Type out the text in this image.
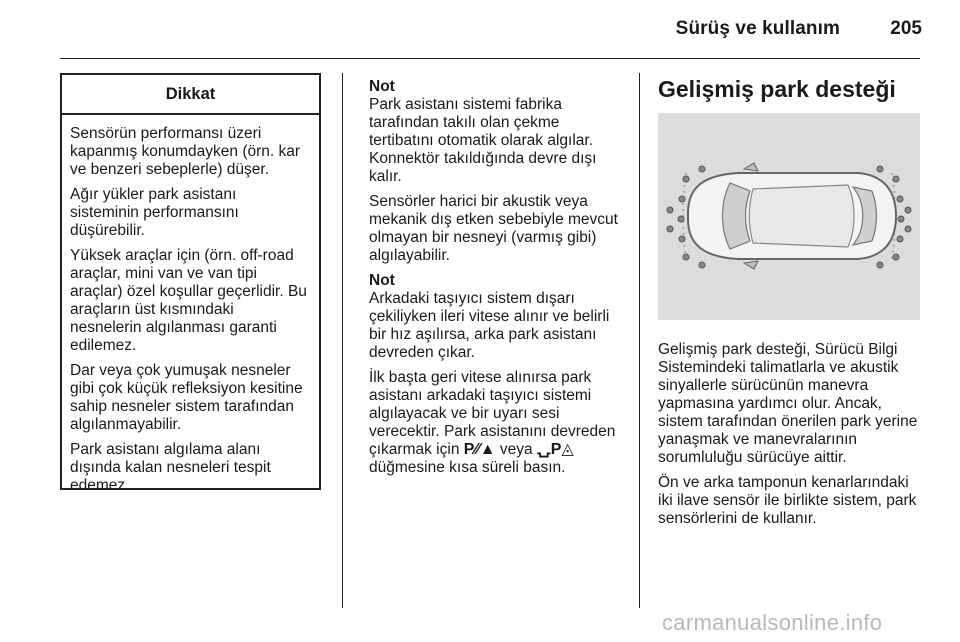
Sürüş ve kullanım	205
Dikkat

Sensörün performansı üzeri
kapanmış konumdayken (örn. kar
ve benzeri sebeplerle) düşer.

Ağır yükler park asistanı
sisteminin performansını
düşürebilir.

Yüksek araçlar için (örn. off-road
araçlar, mini van ve van tipi
araçlar) özel koşullar geçerlidir. Bu
araçların üst kısmındaki
nesnelerin algılanması garanti
edilemez.

Dar veya çok yumuşak nesneler
gibi çok küçük refleksiyon kesitine
sahip nesneler sistem tarafından
algılanmayabilir.

Park asistanı algılama alanı
dışında kalan nesneleri tespit
edemez.

Not
Park asistanı sistemi fabrika
tarafından takılı olan çekme
tertibatını otomatik olarak algılar.
Konnektör takıldığında devre dışı
kalır.

Sensörler harici bir akustik veya
mekanik dış etken sebebiyle mevcut
olmayan bir nesneyi (varmış gibi)
algılayabilir.

Not
Arkadaki taşıyıcı sistem dışarı
çekiliyken ileri vitese alınır ve belirli
bir hız aşılırsa, arka park asistanı
devreden çıkar.

İlk başta geri vitese alınırsa park
asistanı arkadaki taşıyıcı sistemi
algılayacak ve bir uyarı sesi
verecektir. Park asistanını devreden
çıkarmak için P⁄⁄▲ veya ⍽P◬
düğmesine kısa süreli basın.

Gelişmiş park desteği

Gelişmiş park desteği, Sürücü Bilgi
Sistemindeki talimatlarla ve akustik
sinyallerle sürücünün manevra
yapmasına yardımcı olur. Ancak,
sistem tarafından önerilen park yerine
yanaşmak ve manevralarının
sorumluluğu sürücüye aittir.

Ön ve arka tamponun kenarlarındaki
iki ilave sensör ile birlikte sistem, park
sensörlerini de kullanır.

carmanualsonline.info
